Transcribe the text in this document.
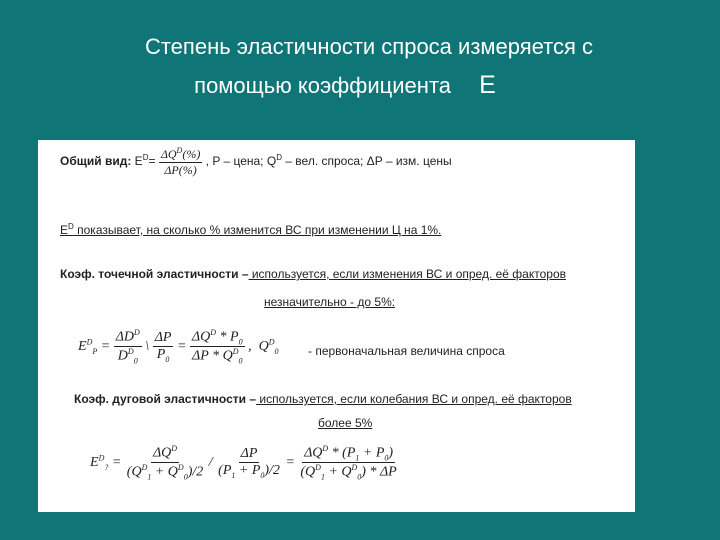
Степень эластичности спроса измеряется с
помощью коэффициента E
Общий вид: $E^D= \frac{\Delta Q^D(\%)}{\Delta P(\%)}$ , P – цена; $Q^D$ – вел. спроса; ΔP – изм. цены
$E^D$ показывает, на сколько % изменится ВС при изменении Ц на 1%.
Коэф. точечной эластичности – используется, если изменения ВС и опред. её факторов
незначительно - до 5%:
$E^D_P = \frac{\Delta D^D}{D^D_0}$ \ $\frac{\Delta P}{P_0} = \frac{\Delta Q^D * P_0}{\Delta P * Q^D_0}$ ,  $Q^D_0$ - первоначальная величина спроса
Коэф. дуговой эластичности – используется, если колебания ВС и опред. её факторов
более 5%
$E^D_? = \frac{\Delta Q^D}{(Q^D_1 + Q^D_0)/2} / \frac{\Delta P}{(P_1 + P_0)/2} = \frac{\Delta Q^D * (P_1 + P_0)}{(Q^D_1 + Q^D_0) * \Delta P}$
